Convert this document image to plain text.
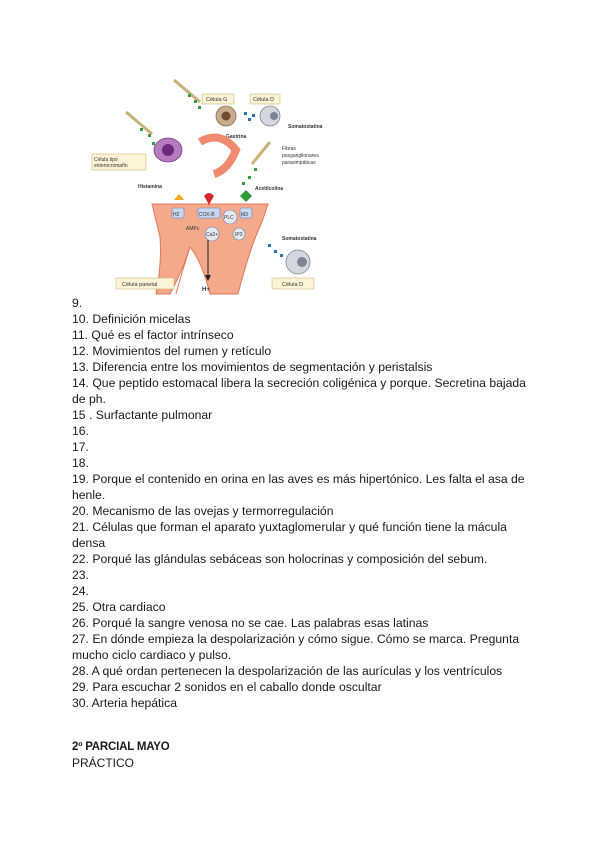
H2	CCK-B	M3
PLC
AMPc
Ca2+	IP3
Célula tipo
enterocromafín
Histamina
Célula G
Gastrina
Célula D
Somatostatina
Fibras
posganglionares
parasimpáticas
Acetilcolina
Somatostatina
Célula D
Célula parietal
H+
9.
10. Definición micelas
11. Qué es el factor intrínseco
12. Movimientos del rumen y retículo
13. Diferencia entre los movimientos de segmentación y peristalsis
14. Que peptido estomacal libera la secreción coligénica y porque. Secretina bajada de ph.
15 . Surfactante pulmonar
16.
17.
18.
19. Porque el contenido en orina en las aves es más hipertónico. Les falta el asa de henle.
20. Mecanismo de las ovejas y termorregulación
21. Células que forman el aparato yuxtaglomerular y qué función tiene la mácula densa
22. Porqué las glándulas sebáceas son holocrinas y composición del sebum.
23.
24.
25. Otra cardiaco
26. Porqué la sangre venosa no se cae. Las palabras esas latinas
27. En dónde empieza la despolarización y cómo sigue. Cómo se marca. Pregunta mucho ciclo cardiaco y pulso.
28. A qué ordan pertenecen la despolarización de las aurículas y los ventrículos
29. Para escuchar 2 sonidos en el caballo donde oscultar
30. Arteria hepática
2º PARCIAL MAYO
PRÁCTICO
